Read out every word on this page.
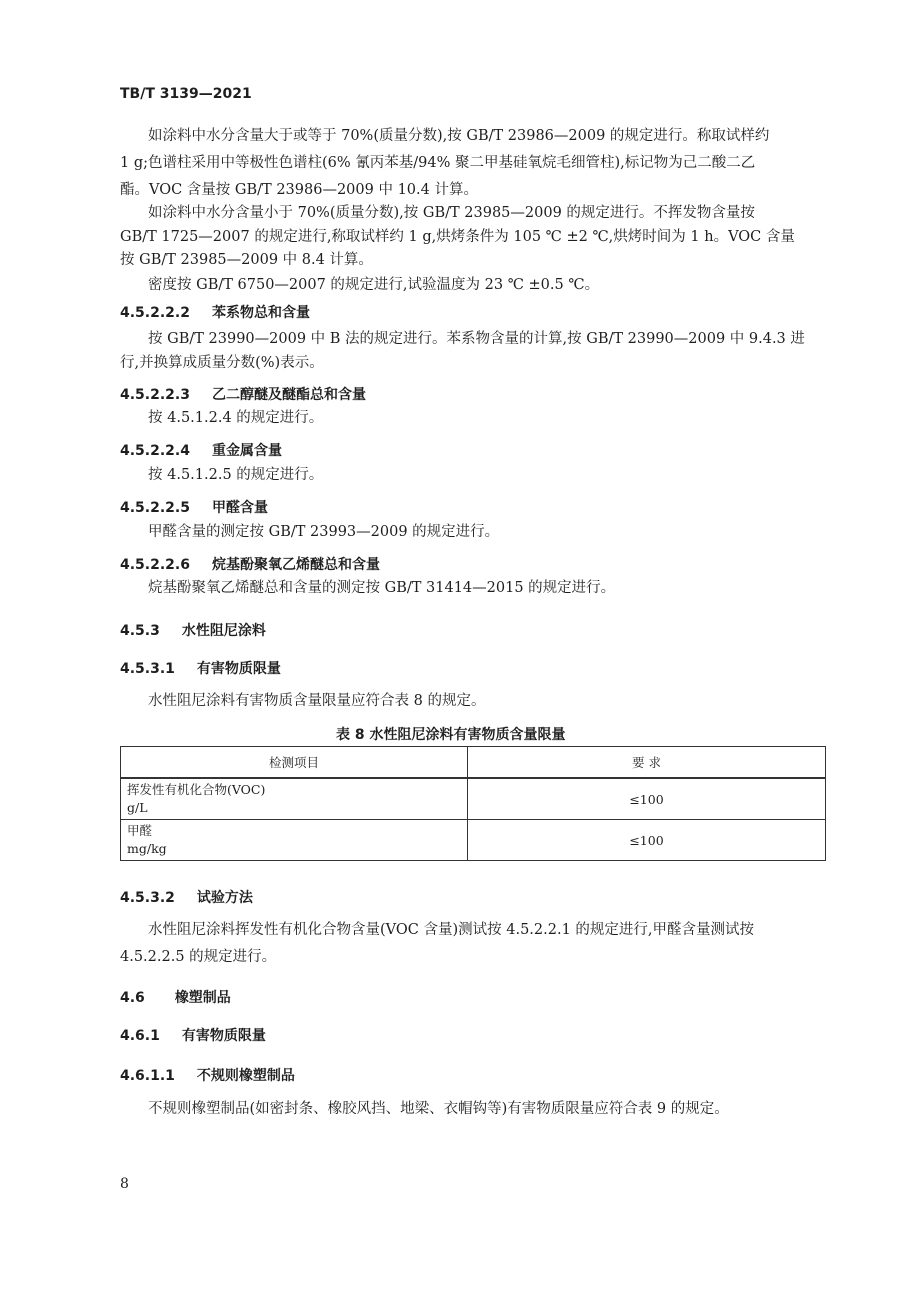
TB/T 3139—2021
如涂料中水分含量大于或等于 70%(质量分数),按 GB/T 23986—2009 的规定进行。称取试样约
1 g;色谱柱采用中等极性色谱柱(6% 氰丙苯基/94% 聚二甲基硅氧烷毛细管柱),标记物为己二酸二乙
酯。VOC 含量按 GB/T 23986—2009 中 10.4 计算。
如涂料中水分含量小于 70%(质量分数),按 GB/T 23985—2009 的规定进行。不挥发物含量按
GB/T 1725—2007 的规定进行,称取试样约 1 g,烘烤条件为 105 ℃ ±2 ℃,烘烤时间为 1 h。VOC 含量
按 GB/T 23985—2009 中 8.4 计算。
密度按 GB/T 6750—2007 的规定进行,试验温度为 23 ℃ ±0.5 ℃。
4.5.2.2.2 苯系物总和含量
按 GB/T 23990—2009 中 B 法的规定进行。苯系物含量的计算,按 GB/T 23990—2009 中 9.4.3 进
行,并换算成质量分数(%)表示。
4.5.2.2.3 乙二醇醚及醚酯总和含量
按 4.5.1.2.4 的规定进行。
4.5.2.2.4 重金属含量
按 4.5.1.2.5 的规定进行。
4.5.2.2.5 甲醛含量
甲醛含量的测定按 GB/T 23993—2009 的规定进行。
4.5.2.2.6 烷基酚聚氧乙烯醚总和含量
烷基酚聚氧乙烯醚总和含量的测定按 GB/T 31414—2015 的规定进行。
4.5.3 水性阻尼涂料
4.5.3.1 有害物质限量
水性阻尼涂料有害物质含量限量应符合表 8 的规定。
表 8 水性阻尼涂料有害物质含量限量
检测项目	要 求

挥发性有机化合物(VOC)
g/L	≤100

甲醛
mg/kg	≤100
4.5.3.2 试验方法
水性阻尼涂料挥发性有机化合物含量(VOC 含量)测试按 4.5.2.2.1 的规定进行,甲醛含量测试按
4.5.2.2.5 的规定进行。
4.6 橡塑制品
4.6.1 有害物质限量
4.6.1.1 不规则橡塑制品
不规则橡塑制品(如密封条、橡胶风挡、地梁、衣帽钩等)有害物质限量应符合表 9 的规定。
8
